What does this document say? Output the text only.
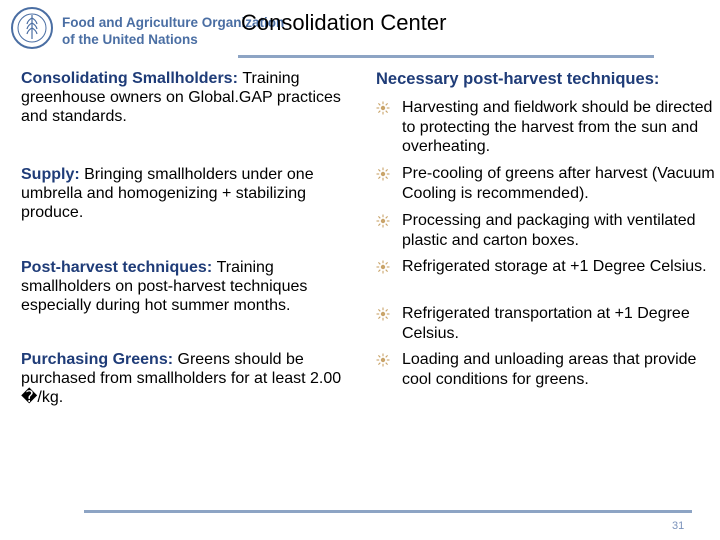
Food and Agriculture Organization
of the United Nations
Consolidation Center
Consolidating Smallholders: Training greenhouse owners on Global.GAP practices and standards.
Supply: Bringing smallholders under one umbrella and homogenizing + stabilizing produce.
Post-harvest techniques: Training smallholders on post-harvest techniques especially during hot summer months.
Purchasing Greens: Greens should be purchased from smallholders for at least 2.00 �/kg.
Necessary post-harvest techniques:
Harvesting and fieldwork should be directed to protecting the harvest from the sun and overheating.
Pre-cooling of greens after harvest (Vacuum Cooling is recommended).
Processing and packaging with ventilated plastic and carton boxes.
Refrigerated storage at +1 Degree Celsius.
Refrigerated transportation at +1 Degree Celsius.
Loading and unloading areas that provide cool conditions for greens.
31
